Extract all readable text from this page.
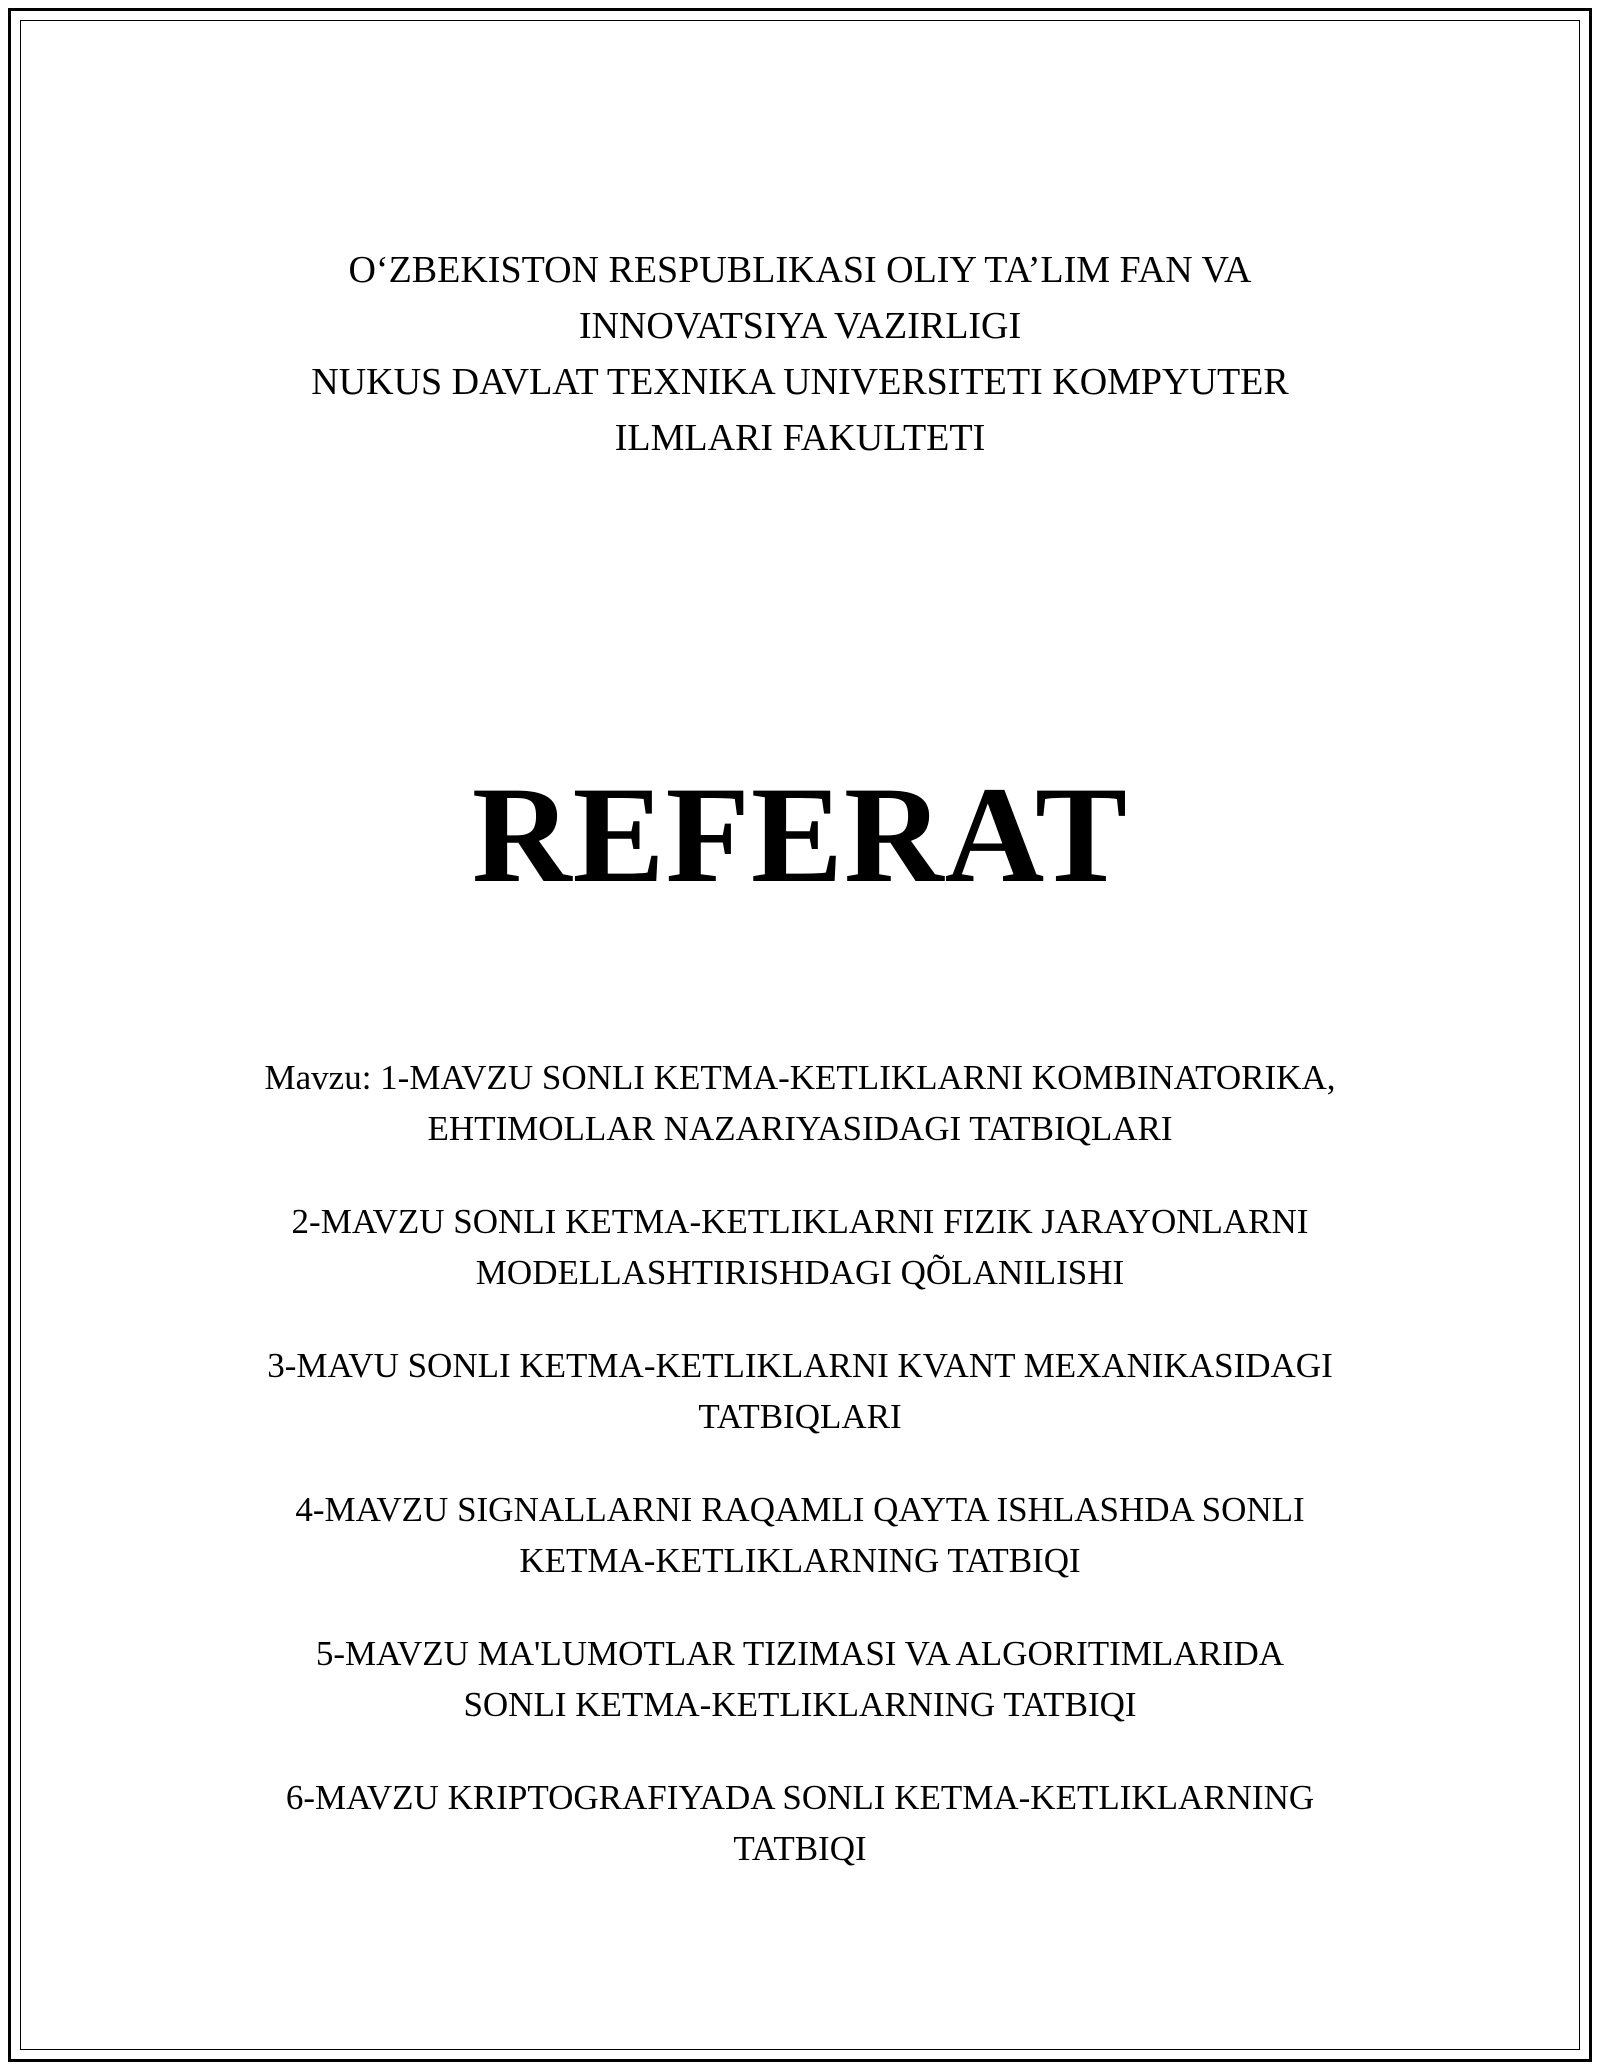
O‘ZBEKISTON RESPUBLIKASI OLIY TA’LIM FAN VA
INNOVATSIYA VAZIRLIGI
NUKUS DAVLAT TEXNIKA UNIVERSITETI KOMPYUTER
ILMLARI FAKULTETI
REFERAT
Mavzu: 1-MAVZU SONLI KETMA-KETLIKLARNI KOMBINATORIKA,
EHTIMOLLAR NAZARIYASIDAGI TATBIQLARI
2-MAVZU SONLI KETMA-KETLIKLARNI FIZIK JARAYONLARNI
MODELLASHTIRISHDAGI QÕLANILISHI
3-MAVU SONLI KETMA-KETLIKLARNI KVANT MEXANIKASIDAGI
TATBIQLARI
4-MAVZU SIGNALLARNI RAQAMLI QAYTA ISHLASHDA SONLI
KETMA-KETLIKLARNING TATBIQI
5-MAVZU MA'LUMOTLAR TIZIMASI VA ALGORITIMLARIDA
SONLI KETMA-KETLIKLARNING TATBIQI
6-MAVZU KRIPTOGRAFIYADA SONLI KETMA-KETLIKLARNING
TATBIQI
